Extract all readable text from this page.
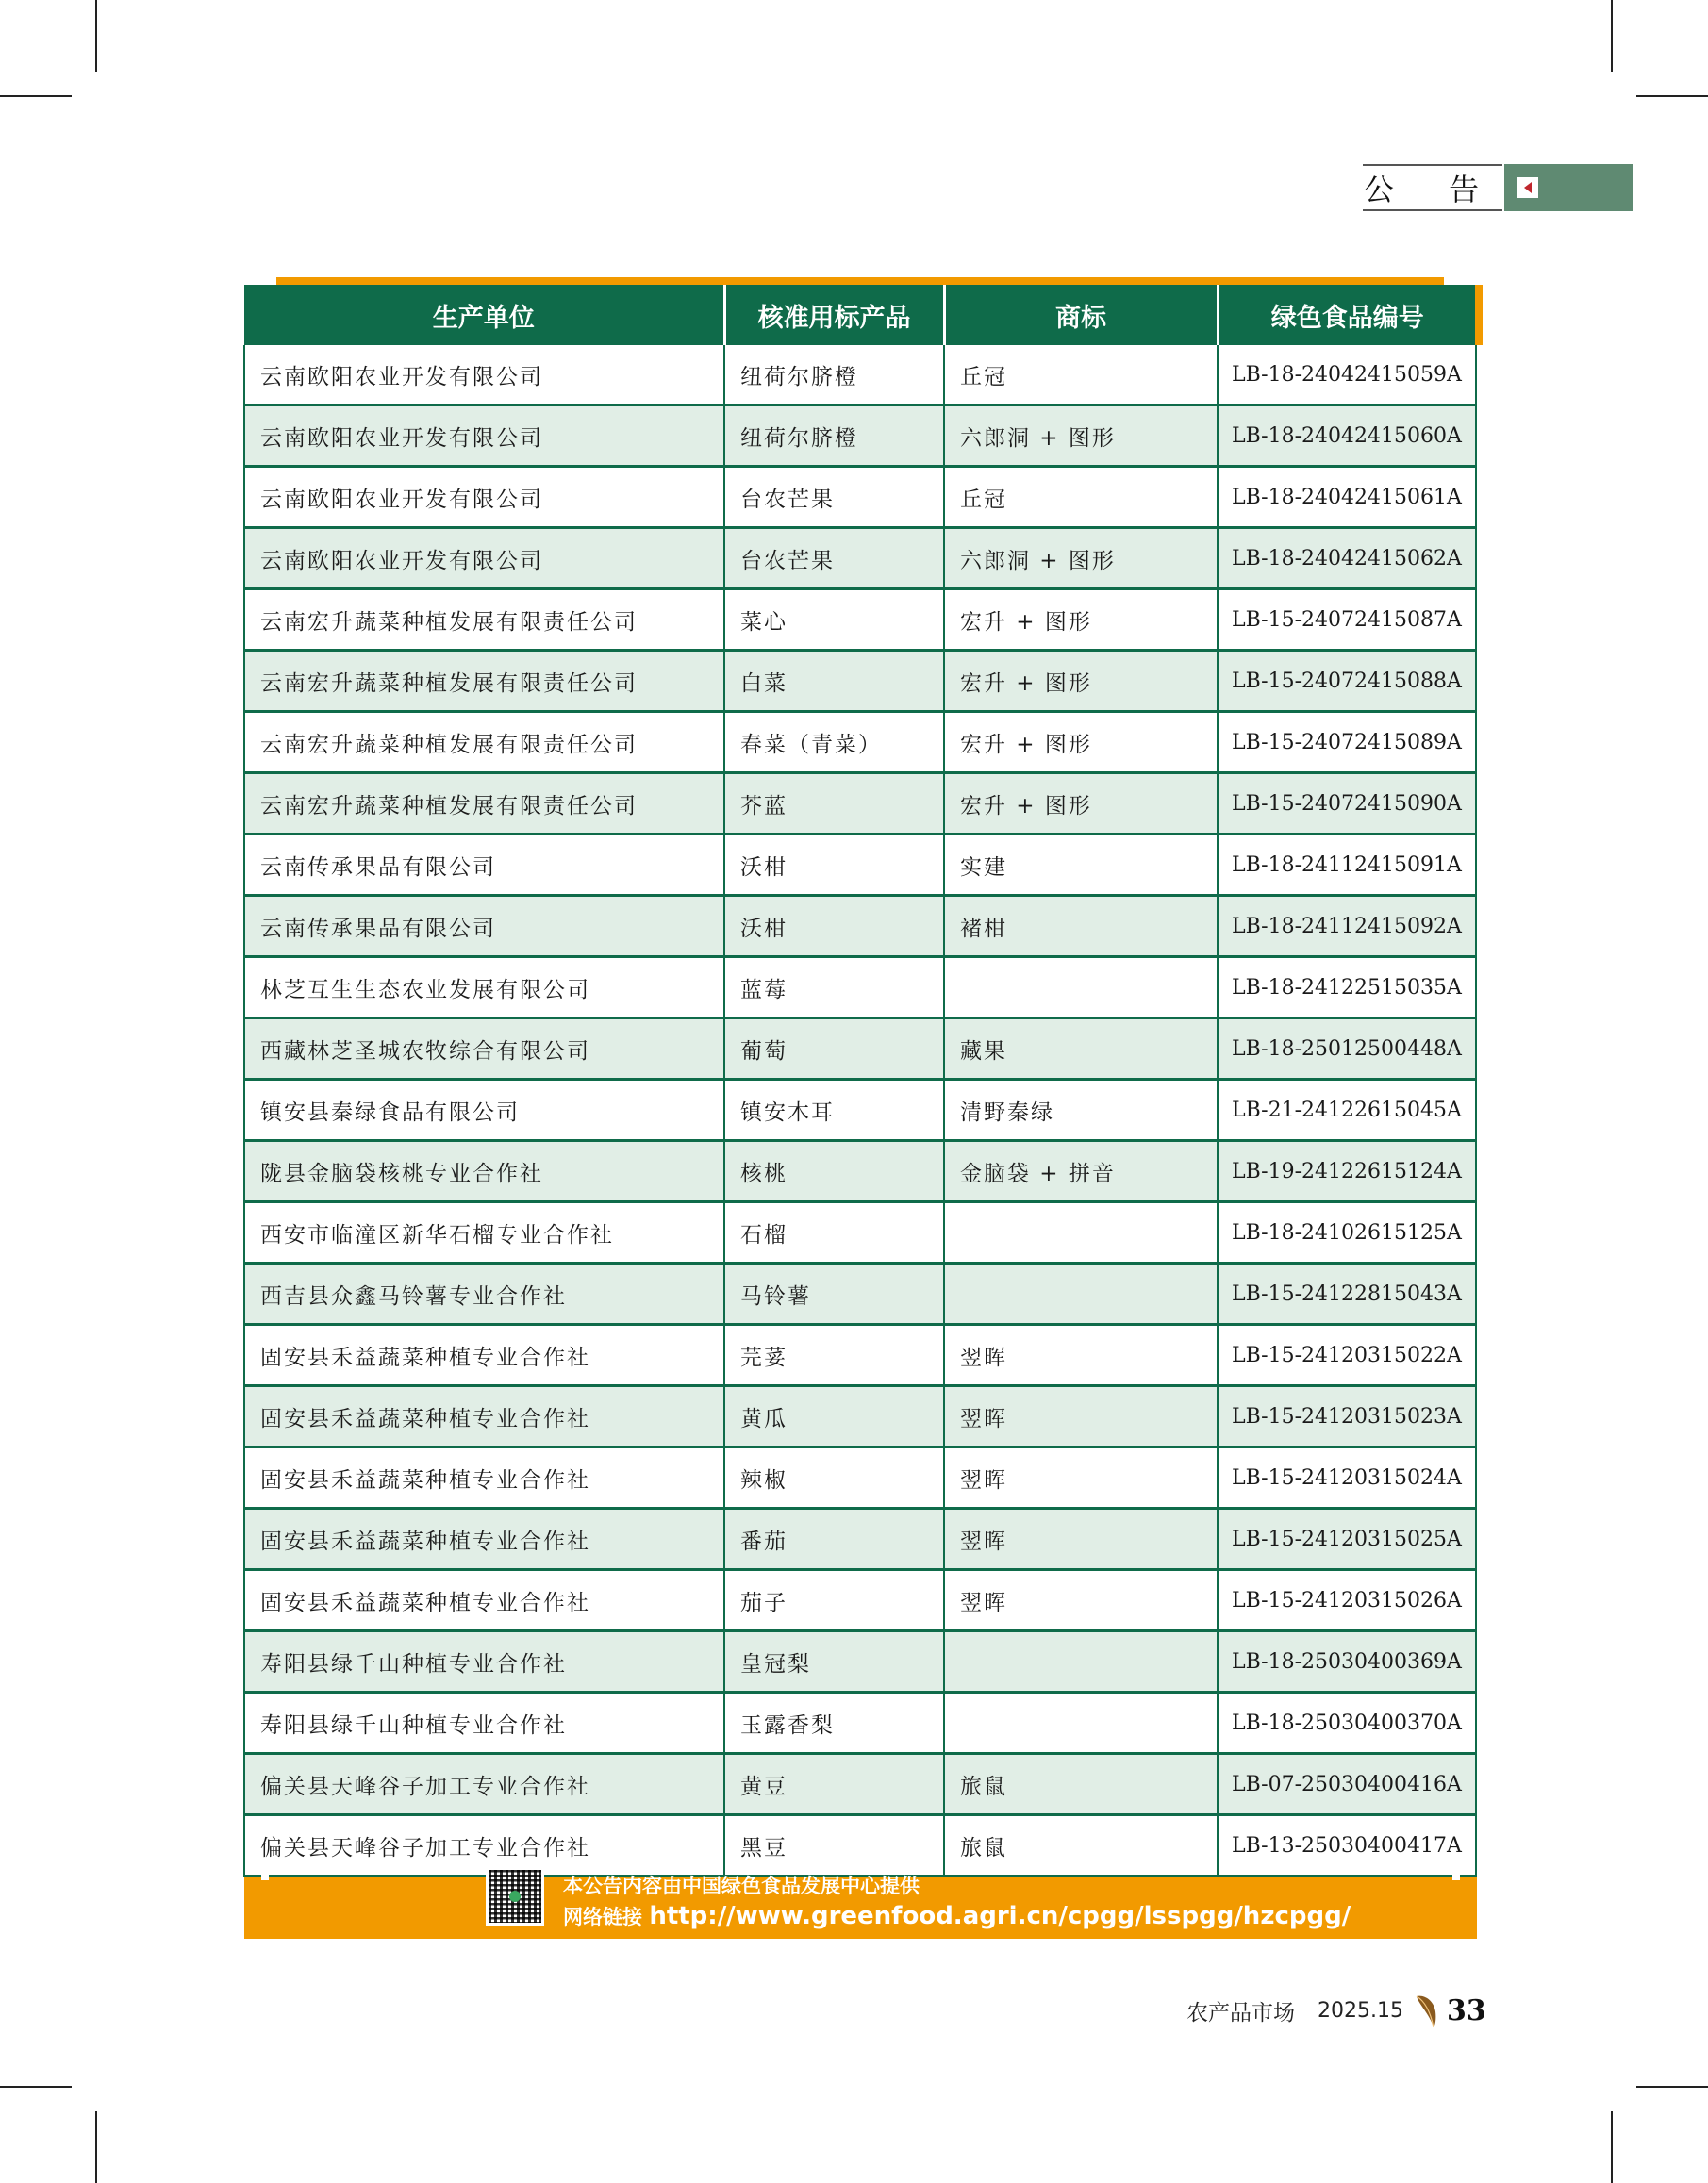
公 告
生产单位	核准用标产品	商标	绿色食品编号
云南欧阳农业开发有限公司	纽荷尔脐橙	丘冠	LB-18-24042415059A
云南欧阳农业开发有限公司	纽荷尔脐橙	六郎洞 + 图形	LB-18-24042415060A
云南欧阳农业开发有限公司	台农芒果	丘冠	LB-18-24042415061A
云南欧阳农业开发有限公司	台农芒果	六郎洞 + 图形	LB-18-24042415062A
云南宏升蔬菜种植发展有限责任公司	菜心	宏升 + 图形	LB-15-24072415087A
云南宏升蔬菜种植发展有限责任公司	白菜	宏升 + 图形	LB-15-24072415088A
云南宏升蔬菜种植发展有限责任公司	春菜（青菜）	宏升 + 图形	LB-15-24072415089A
云南宏升蔬菜种植发展有限责任公司	芥蓝	宏升 + 图形	LB-15-24072415090A
云南传承果品有限公司	沃柑	实建	LB-18-24112415091A
云南传承果品有限公司	沃柑	褚柑	LB-18-24112415092A
林芝互生生态农业发展有限公司	蓝莓		LB-18-24122515035A
西藏林芝圣城农牧综合有限公司	葡萄	藏果	LB-18-25012500448A
镇安县秦绿食品有限公司	镇安木耳	清野秦绿	LB-21-24122615045A
陇县金脑袋核桃专业合作社	核桃	金脑袋 + 拼音	LB-19-24122615124A
西安市临潼区新华石榴专业合作社	石榴		LB-18-24102615125A
西吉县众鑫马铃薯专业合作社	马铃薯		LB-15-24122815043A
固安县禾益蔬菜种植专业合作社	芫荽	翌晖	LB-15-24120315022A
固安县禾益蔬菜种植专业合作社	黄瓜	翌晖	LB-15-24120315023A
固安县禾益蔬菜种植专业合作社	辣椒	翌晖	LB-15-24120315024A
固安县禾益蔬菜种植专业合作社	番茄	翌晖	LB-15-24120315025A
固安县禾益蔬菜种植专业合作社	茄子	翌晖	LB-15-24120315026A
寿阳县绿千山种植专业合作社	皇冠梨		LB-18-25030400369A
寿阳县绿千山种植专业合作社	玉露香梨		LB-18-25030400370A
偏关县天峰谷子加工专业合作社	黄豆	旅鼠	LB-07-25030400416A
偏关县天峰谷子加工专业合作社	黑豆	旅鼠	LB-13-25030400417A
本公告内容由中国绿色食品发展中心提供
网络链接 http://www.greenfood.agri.cn/cpgg/lsspgg/hzcpgg/
农产品市场 2025.15 33
